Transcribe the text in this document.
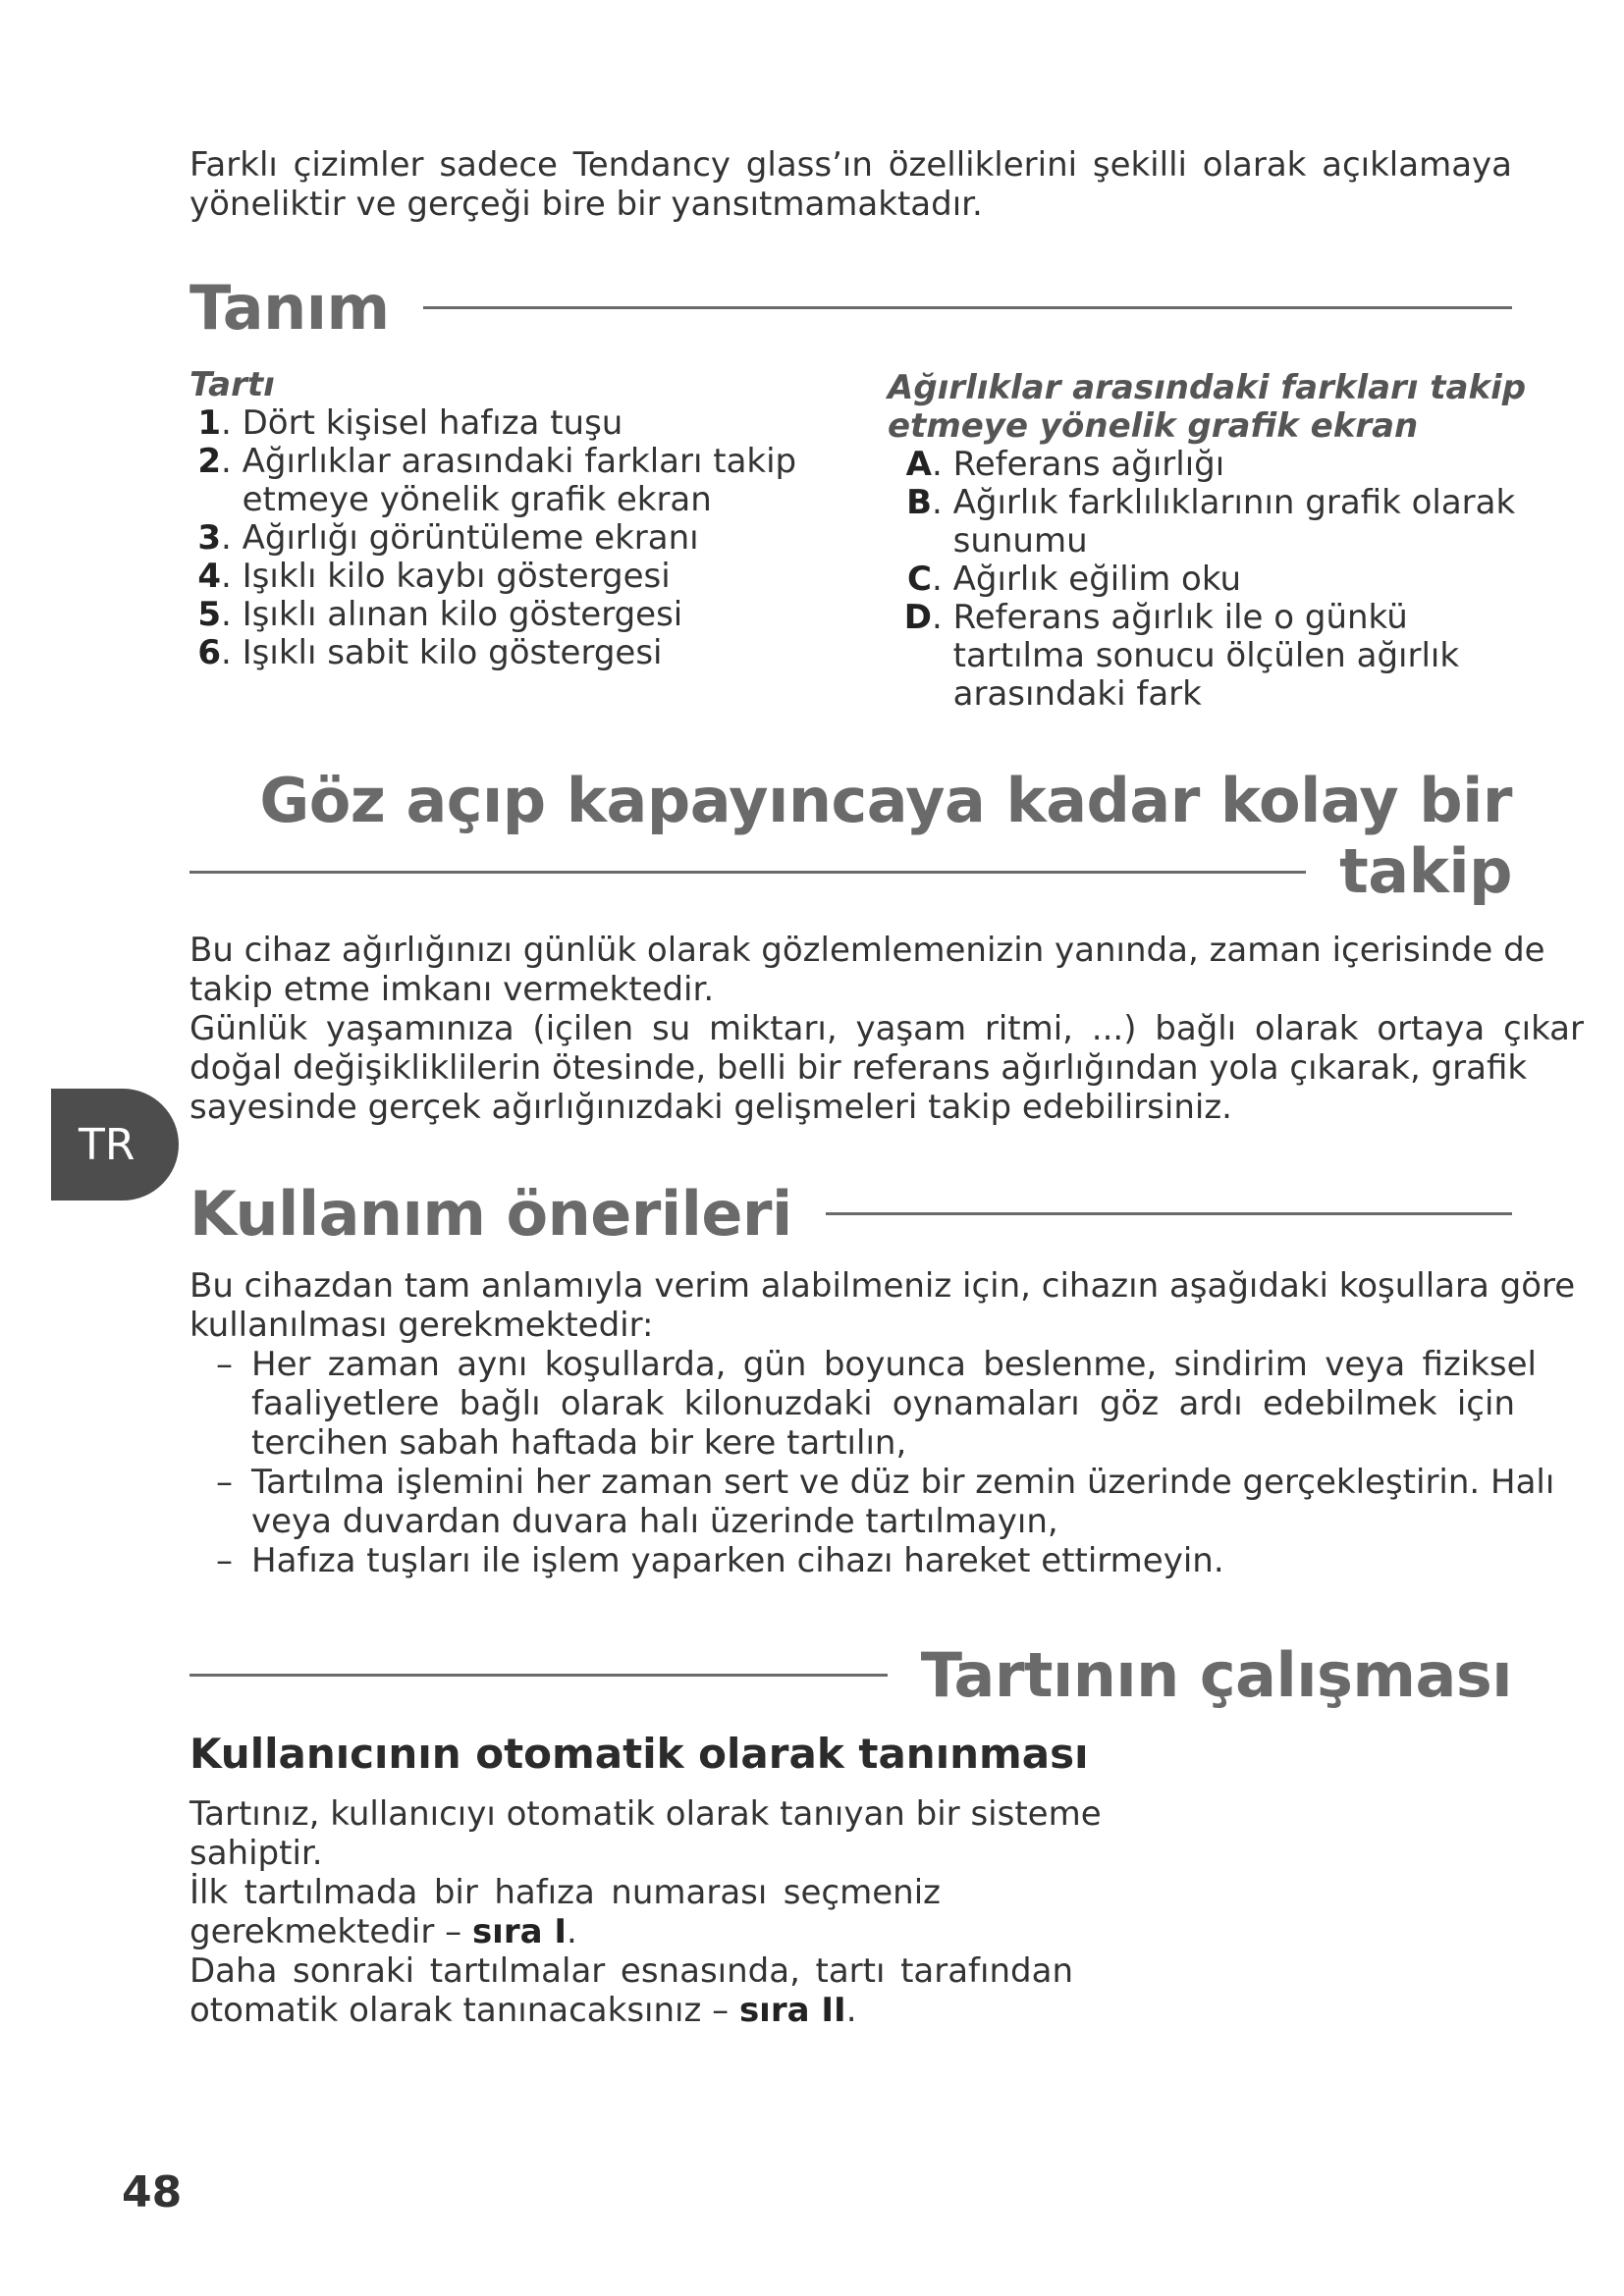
Farklı çizimler sadece Tendancy glass’ın özelliklerini şekilli olarak açıklamaya
yöneliktir ve gerçeği bire bir yansıtmamaktadır.
Tanım
Tartı
1 . Dört kişisel hafıza tuşu
2 . Ağırlıklar arasındaki farkları takip
etmeye yönelik grafik ekran
3 . Ağırlığı görüntüleme ekranı
4 . Işıklı kilo kaybı göstergesi
5 . Işıklı alınan kilo göstergesi
6 . Işıklı sabit kilo göstergesi
Ağırlıklar arasındaki farkları takip
etmeye yönelik grafik ekran
A . Referans ağırlığı
B . Ağırlık farklılıklarının grafik olarak
sunumu
C . Ağırlık eğilim oku
D . Referans ağırlık ile o günkü
tartılma sonucu ölçülen ağırlık
arasındaki fark
Göz açıp kapayıncaya kadar kolay bir
takip
Bu cihaz ağırlığınızı günlük olarak gözlemlemenizin yanında, zaman içerisinde de
takip etme imkanı vermektedir.
Günlük yaşamınıza (içilen su miktarı, yaşam ritmi, ...) bağlı olarak ortaya çıkar
doğal değişikliklilerin ötesinde, belli bir referans ağırlığından yola çıkarak, grafik
sayesinde gerçek ağırlığınızdaki gelişmeleri takip edebilirsiniz.
TR
Kullanım önerileri
Bu cihazdan tam anlamıyla verim alabilmeniz için, cihazın aşağıdaki koşullara göre
kullanılması gerekmektedir:
– Her zaman aynı koşullarda, gün boyunca beslenme, sindirim veya fiziksel
faaliyetlere bağlı olarak kilonuzdaki oynamaları göz ardı edebilmek için
tercihen sabah haftada bir kere tartılın,
– Tartılma işlemini her zaman sert ve düz bir zemin üzerinde gerçekleştirin. Halı
veya duvardan duvara halı üzerinde tartılmayın,
– Hafıza tuşları ile işlem yaparken cihazı hareket ettirmeyin.
Tartının çalışması
Kullanıcının otomatik olarak tanınması
Tartınız, kullanıcıyı otomatik olarak tanıyan bir sisteme
sahiptir.
İlk tartılmada bir hafıza numarası seçmeniz
gerekmektedir – sıra I.
Daha sonraki tartılmalar esnasında, tartı tarafından
otomatik olarak tanınacaksınız – sıra II.
48
